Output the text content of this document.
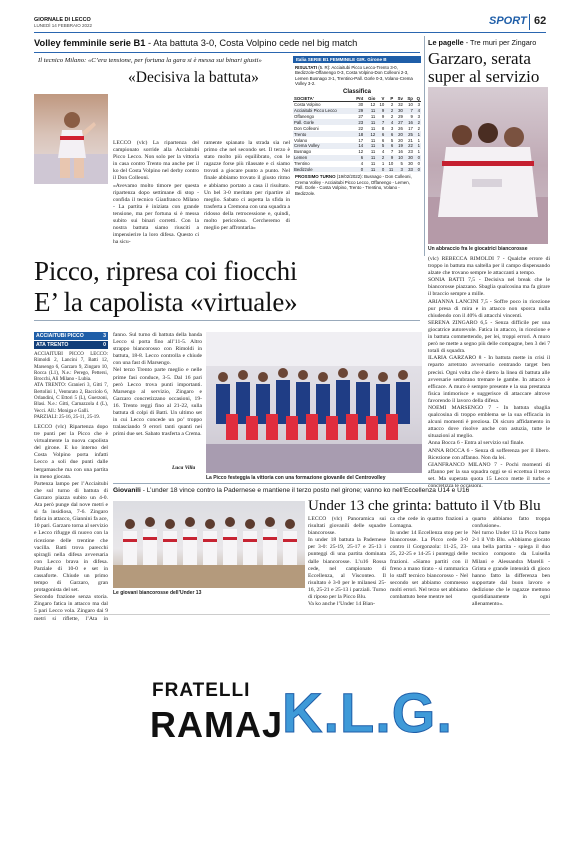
GIORNALE DI LECCO
LUNEDÌ 14 FEBBRAIO 2022	SPORT 62
Volley femminile serie B1 - Ata battuta 3-0, Costa Volpino cede nel big match	Le pagelle - Tre muri per Zingaro
Garzaro, serata super al servizio
Il tecnico Milano: «C’era tensione, per fortuna la gara si è messa sui binari giusti»
«Decisiva la battuta»
LECCO (vlc) La ripartenza del campionato sorride alla Acciaitubi Picco Lecco. Non solo per la vittoria in casa contro Trento ma anche per il ko del Costa Volpino nel derby contro il Don Colleoni.
«Avevamo molto timore per questa ripartenza dopo settimane di stop - confida il tecnico Gianfranco Milano - La partita è iniziata con grande tensione, ma per fortuna si è messa subito sui binari corretti. Con la nostra battuta siamo riusciti a impensierire la loro difesa. Questo ci ha sicu-
ramente spianato la strada sia nel primo che nel secondo set. Il terzo è stato molto più equilibrato, con le ragazze forse più rilassate e ci siamo trovati a giocare punto a punto. Nel finale abbiamo trovato il giusto ritmo e abbiamo portato a casa il risultato. Un bel 3-0 meritato per ripartire al meglio. Sabato ci aspetta la sfida in trasferta a Cremona con una squadra a ridosso della retrocessione e, quindi, molto pericolosa. Cercheremo di meglio per affrontarla»
Italia SERIE B1 FEMMINILE GIR. Girone B
RISULTATI (5. R): Acciaitubi Picco Lecco-Trento 3-0, Bedizzole-Offanengo 0-3, Costa Volpino-Don Colleoni 2-3, Lemen Busnago 3-1, Trentino-Pall. Gorle 0-3, Volano-Crema Volley 3-2.
Classifica
SOCIETA'	Pnt	Gio	V	P	Sv	Sp	Q
Costa Volpino	30	12	10	2	32	10	3
Acciaitubi Picco Lecco	29	11	9	2	30	7	4
Offanengo	27	11	9	2	29	9	3
Pall. Gorle	23	11	7	4	27	16	2
Don Colleoni	22	11	8	3	26	17	2
Trento	18	12	6	6	20	25	1
Volano	17	11	6	5	20	21	1
Crema Volley	14	11	5	6	19	22	1
Busnago	12	11	4	7	16	23	1
Lemen	6	11	2	9	10	30	0
Trentino	4	11	1	10	5	30	0
Bedizzole	0	11	0	11	3	33	0
PROSSIMO TURNO (19/02/2022): Busnago - Don Colleoni, Crema Volley - Acciaitubi Picco Lecco, Offanengo - Lemen, Pall. Gorle - Costa Volpino, Trento - Trentino, Volano - Bedizzole.
Un abbraccio fra le giocatrici biancorosse
Picco, ripresa coi fiocchi
E’ la capolista «virtuale»
(vlc) REBECCA RIMOLDI 7 - Qualche errore di troppo in battuta ma saltella per il campo dispensando alzate che trovano sempre le attaccanti a tempo.
SONIA BATTI 7,5 - Decisiva nel break che le biancorosse piazzano. Sbaglia qualcosina ma fa girare il braccio sempre a mille.
ARIANNA LANCINI 7,5 - Soffre poco in ricezione pur presa di mira e in attacco non sporca nulla chiudendo con il 40% di attacchi vincenti.
SERENA ZINGARO 6,5 - Senza difficile per una giocatrice autorevole. Fatica in attacco, in ricezione e in battuta commettendo, per lei, troppi errori. A muro però ne mette a segno più delle compagne, ben 3 dei 7 totali di squadra.
ILARIA GARZARO 8 - In battuta mette in crisi il reparto arretrato avversario centrando target ben precisi. Ogni volta che è dietro la linea di battuta alle avversarie sembrano tremare le gambe. In attacco è efficace. A muro è sempre presente e la sua prestanza fisica intimorisce e suggerisce di attaccare altrove favorendo il lavoro della difesa.
NOEMI MARSENGO 7 - In battuta sbaglia qualcosina di troppo emblema se la sua efficacia in alcuni momenti è preziosa. Di sicuro affidamento in attacco dove risolve anche con astuzia, tutte le situazioni al meglio.
Anna Bocca 6 - Entra al servizio sul finale.
ANNA ROCCA 6 - Senza di sofferenza per il libero. Ricezione con affanno. Non da lei.
GIANFRANCO MILANO 7 - Pochi momenti di affanno per la sua squadra oggi se si eccettua il terzo set. Ma superata quota 15 Lecco mette il turbo e concretizza le occasioni.
ACCIAITUBI PICCO	3
ATA TRENTO	0
ACCIAITUBI PICCO LECCO: Rimoldi 2, Lancini 7, Batti 12, Marsengo 6, Garzaro 9, Zingaro 10, Rocca (L1), N.e.: Perego, Pettersi, Brocchi, Alì Milano - Lubia.
ATA TRENTO: Granieri 3, Gitti 7, Bertolini 1, Venturato 2, Bacciolo 6, Orlandini, C Ettori 5 (L), Guerzoni, Blasi. N.e.: Gitti, Carnazzola 4 (L), Vecci. All.: Moniga e Galli.
PARZIALI: 25-16, 25-11, 25-19.
LECCO (vlc) Ripartenza dopo tre punti per la Picco che è virtualmente la nuova capolista del girone. E ko interno del Costa Volpino porta infatti Lecco a soli due punti dalle bergamasche ma con una partita in meno giocata.
Partenza lampo per l’Acciaitubi che sul turno di battuta di Garzaro piazza subito un 4-0. Ata però punge dal nove metri e si fa insidiosa, 7-6. Zingaro fatica in attacco, Giannini fa ace, 10 pari. Garzaro torna al servizio e Lecco rifugge di nuovo con la ricezione delle trentine che vacilla. Batti trova parecchi spiragli nella difesa avversaria con Lecco brava in difesa. Parziale di 10-0 e set in cassaforte. Chiude un primo tempo di Garzaro, gran protagonista del set.
Secondo frazione senza storia. Zingaro fatica in attacco ma dal 5 pari Lecco vola. Zingaro dai 9 metri si riflette, l’Ata in
fanno. Sul turno di battuta della banda Lecco si porta fino all’11-5. Altro strappo biancorosso con Rimoldi in battuta, 18-8. Lecco controlla e chiude con una fast di Marsengo.
Nel terzo Trento parte meglio e nelle prime fasi conduce, 3-5. Dal 16 pari però Lecco trova punti importanti. Marsengo al servizio, Zingaro e Garzaro concretizzano occasioni, 19-16. Trento reggi fino al 21-22, sulla battuta di colpi di Batti. Un ultimo set in cui Lecco concede un po’ troppo tralasciando 9 errori tanti quanti nei primi due set. Sabato trasferta a Crema.
Luca Villa
La Picco festeggia la vittoria con una formazione giovanile del Centrovolley
Giovanili - L’under 18 vince contro la Padernese e mantiene il terzo posto nel girone; vanno ko nell’Eccellenza U14 e U16
Under 13 che grinta: battuto il Vtb Blu
Le giovani biancorosse dell’Under 13
LECCO (vlc) Panoramica sui risultati giovanili delle squadre biancorosse.
In under 18 battuta la Padernese per 3-0: 25-19, 25-17 e 25-13 i punteggi di una partita dominata dalle biancorosse. L’u16 Rossa cede, nel campionato di Eccellenza, al Visconteo. Il risultato è 3-0 per le milanesi 25-16, 25-21 e 25-13 i parziali. Turno di riposo per la Picco Blu.
Va ko anche l’Under 14 Bian-
ca che cede in quattro frazioni a Lomagna.
In under 14 Eccellenza stop per le biancorosse. La Picco cede 3-0 contro il Gorgonzola: 11-25, 23-25, 22-25 e 14-25 i punteggi delle frazioni. «Siamo partiti con il freno a mano tirato - si rammarica lo staff tecnico biancorosso - Nel secondo set abbiamo commesso molti errori. Nel terzo set abbiamo combattuto bene mentre nel
quarto abbiamo fatto troppa confusione».
Nel turno Under 13 la Picco batte 2-1 il Vtb Blu. «Abbiamo giocato una bella partita - spiega il duo tecnico composto da Luisella Milani e Alessandra Marelli - Grinta e grande intensità di gioco hanno fatto la differenza ben supportate dal buon lavoro e dedizione che le ragazze mettono quotidianamente in ogni allenamento».
FRATELLI
RAMAJ
K.L.G.
